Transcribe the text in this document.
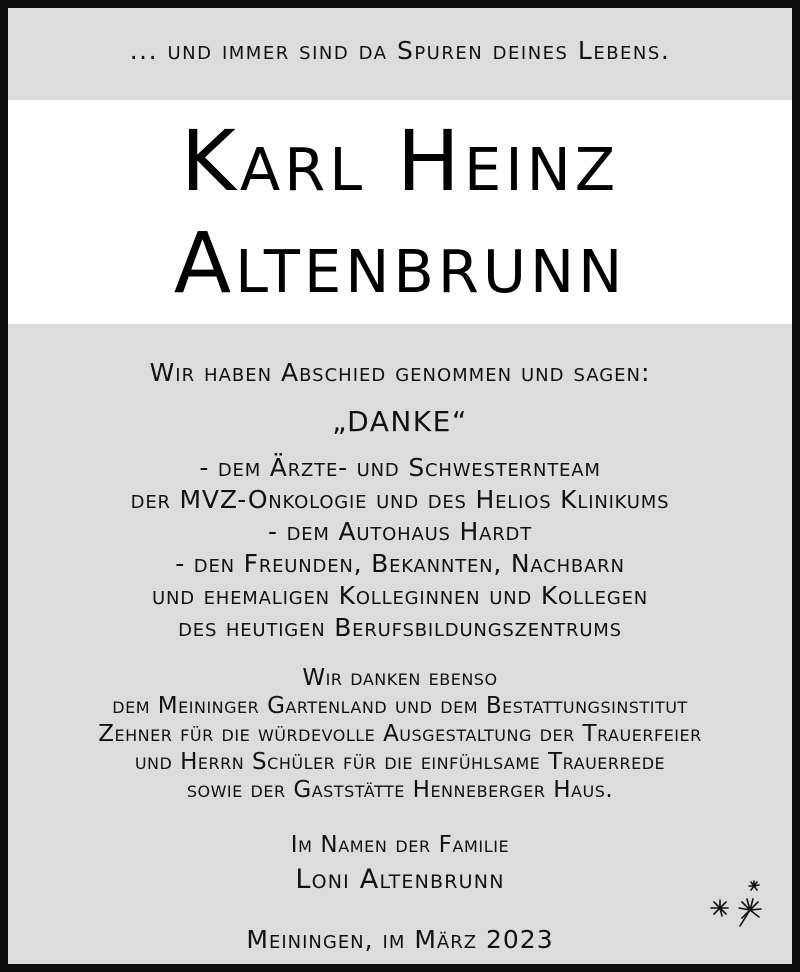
... und immer sind da Spuren deines Lebens.
Karl Heinz
Altenbrunn
Wir haben Abschied genommen und sagen:
„DANKE“
- dem Ärzte- und Schwesternteam
der MVZ-Onkologie und des Helios Klinikums
- dem Autohaus Hardt
- den Freunden, Bekannten, Nachbarn
und ehemaligen Kolleginnen und Kollegen
des heutigen Berufsbildungszentrums
Wir danken ebenso
dem Meininger Gartenland und dem Bestattungsinstitut
Zehner für die würdevolle Ausgestaltung der Trauerfeier
und Herrn Schüler für die einfühlsame Trauerrede
sowie der Gaststätte Henneberger Haus.
Im Namen der Familie
Loni Altenbrunn
Meiningen, im März 2023
